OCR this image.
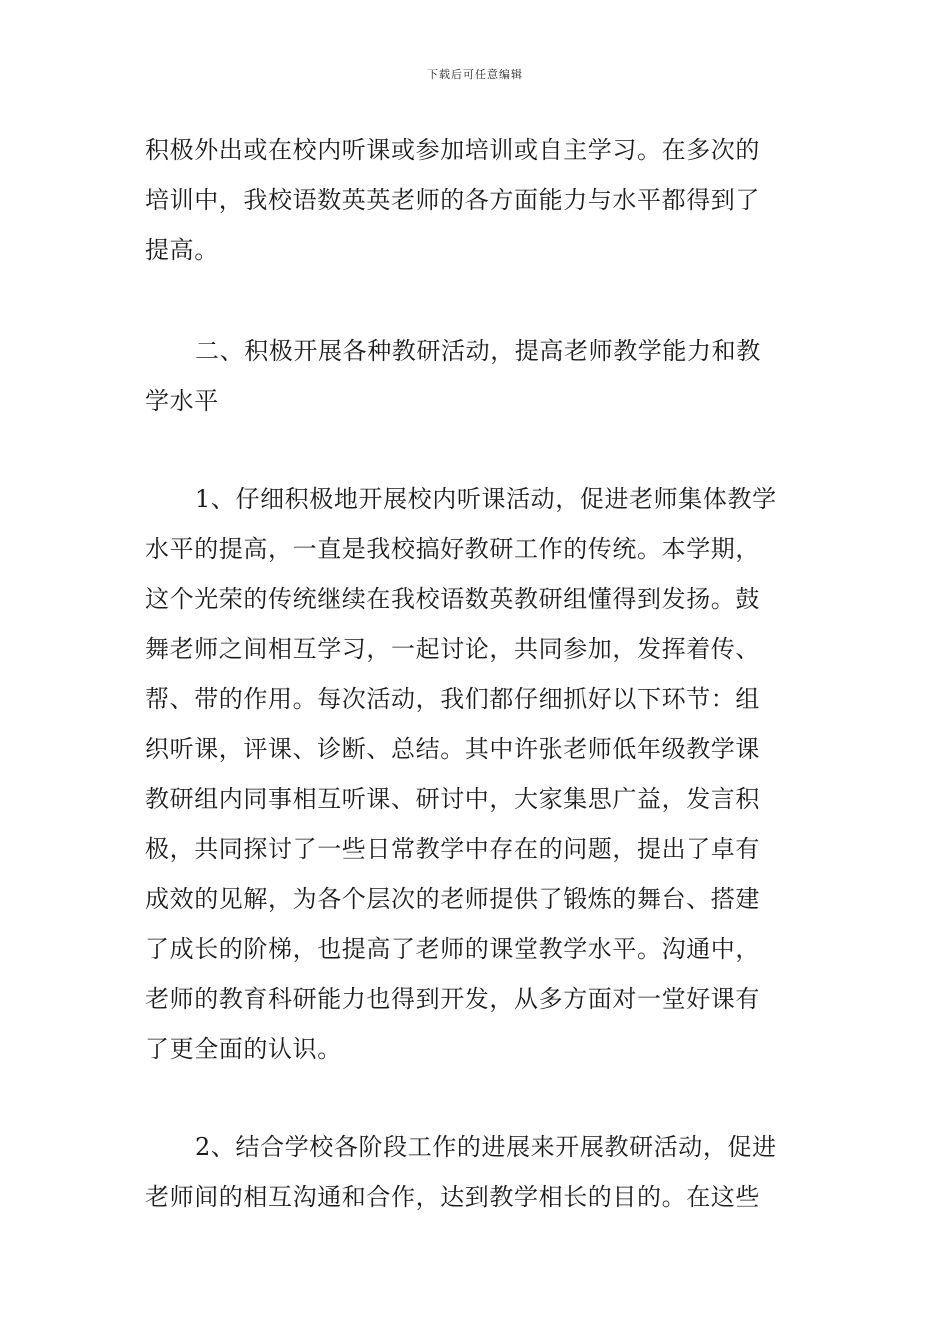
下载后可任意编辑
积极外出或在校内听课或参加培训或自主学习。在多次的
培训中，我校语数英英老师的各方面能力与水平都得到了
提高。
二、积极开展各种教研活动，提高老师教学能力和教
学水平
1、仔细积极地开展校内听课活动，促进老师集体教学
水平的提高，一直是我校搞好教研工作的传统。本学期，
这个光荣的传统继续在我校语数英教研组懂得到发扬。鼓
舞老师之间相互学习，一起讨论，共同参加，发挥着传、
帮、带的作用。每次活动，我们都仔细抓好以下环节：组
织听课，评课、诊断、总结。其中许张老师低年级教学课
教研组内同事相互听课、研讨中，大家集思广益，发言积
极，共同探讨了一些日常教学中存在的问题，提出了卓有
成效的见解，为各个层次的老师提供了锻炼的舞台、搭建
了成长的阶梯，也提高了老师的课堂教学水平。沟通中，
老师的教育科研能力也得到开发，从多方面对一堂好课有
了更全面的认识。
2、结合学校各阶段工作的进展来开展教研活动，促进
老师间的相互沟通和合作，达到教学相长的目的。在这些
